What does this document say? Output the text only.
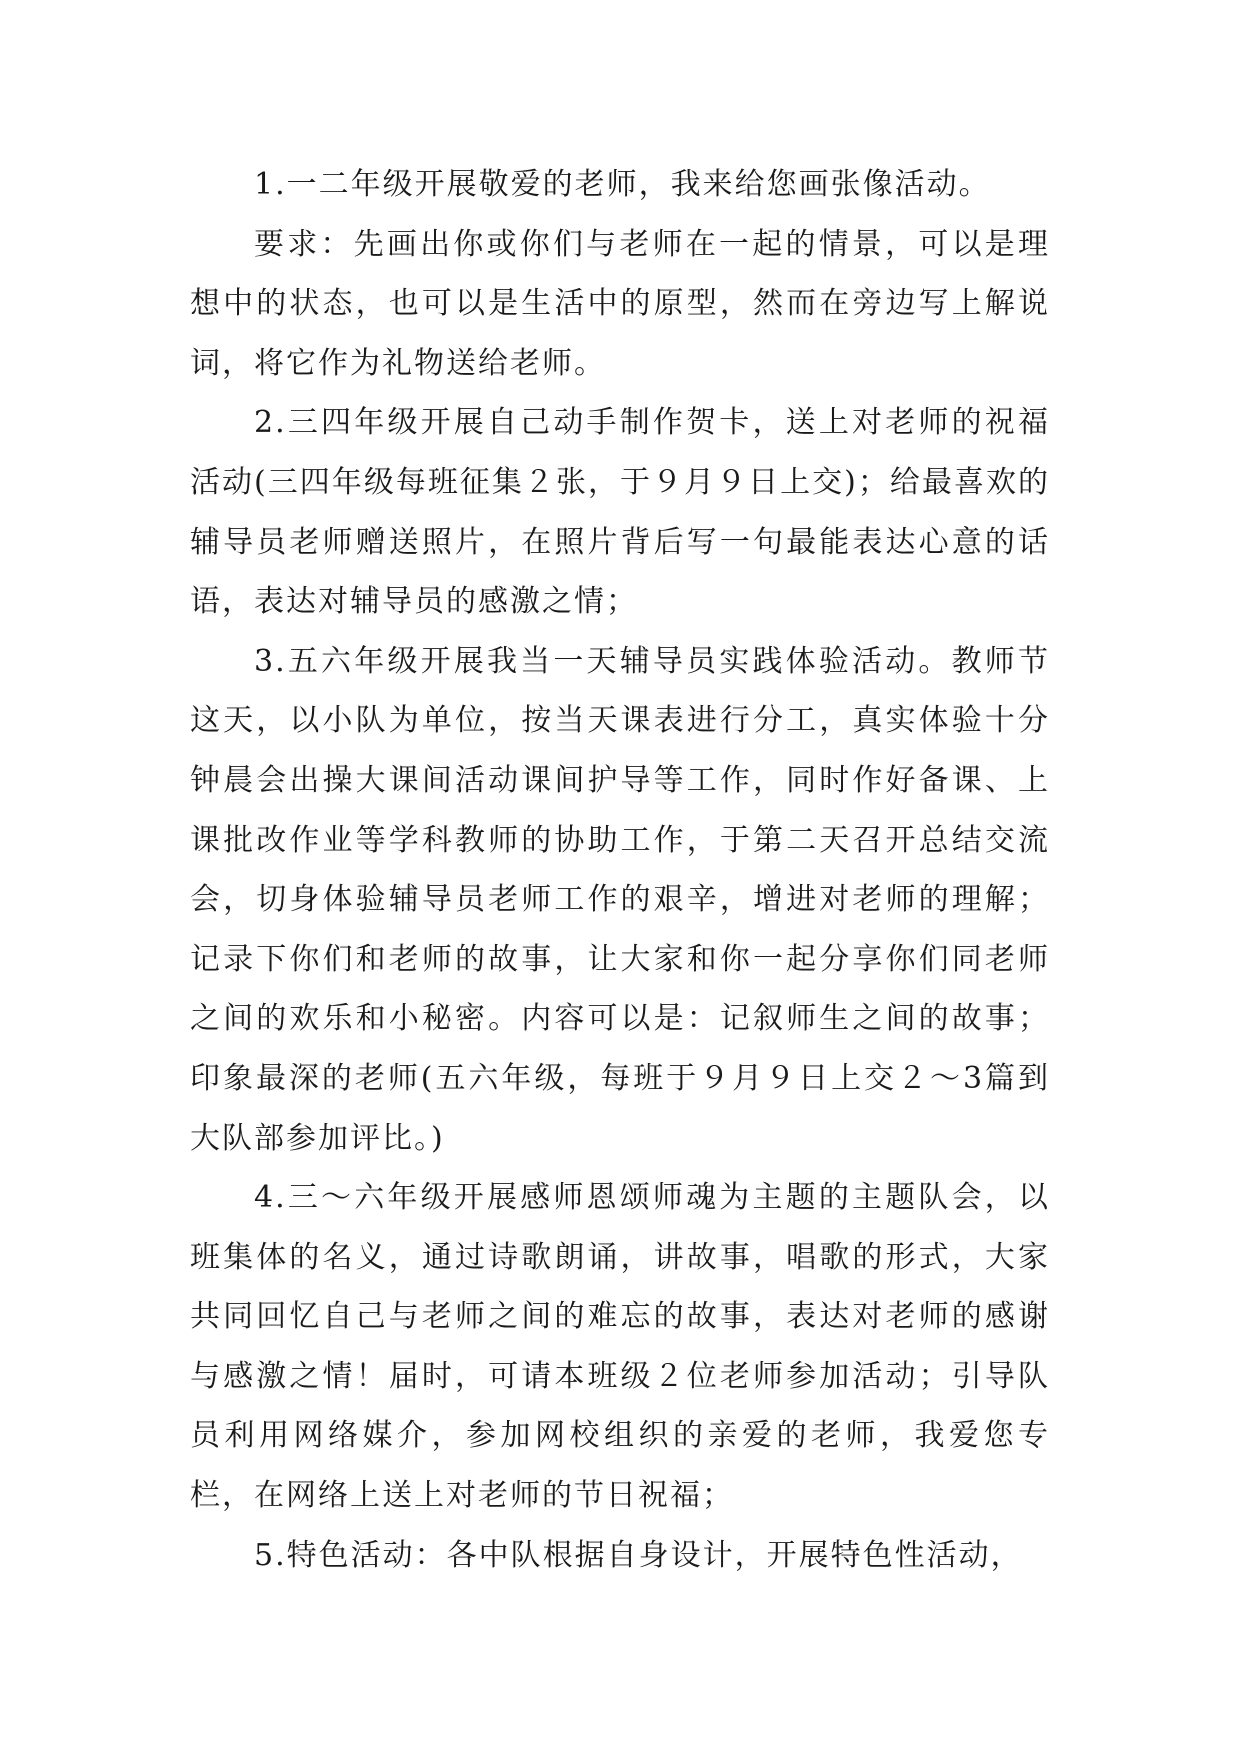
1.一二年级开展敬爱的老师，我来给您画张像活动。

要求：先画出你或你们与老师在一起的情景，可以是理想中的状态，也可以是生活中的原型，然而在旁边写上解说词，将它作为礼物送给老师。

2.三四年级开展自己动手制作贺卡，送上对老师的祝福活动(三四年级每班征集２张，于９月９日上交)；给最喜欢的辅导员老师赠送照片，在照片背后写一句最能表达心意的话语，表达对辅导员的感激之情；

3.五六年级开展我当一天辅导员实践体验活动。教师节这天，以小队为单位，按当天课表进行分工，真实体验十分钟晨会出操大课间活动课间护导等工作，同时作好备课、上课批改作业等学科教师的协助工作，于第二天召开总结交流会，切身体验辅导员老师工作的艰辛，增进对老师的理解；记录下你们和老师的故事，让大家和你一起分享你们同老师之间的欢乐和小秘密。内容可以是：记叙师生之间的故事；印象最深的老师(五六年级，每班于９月９日上交２～3篇到大队部参加评比。)

4.三～六年级开展感师恩颂师魂为主题的主题队会，以班集体的名义，通过诗歌朗诵，讲故事，唱歌的形式，大家共同回忆自己与老师之间的难忘的故事，表达对老师的感谢与感激之情！届时，可请本班级２位老师参加活动；引导队员利用网络媒介，参加网校组织的亲爱的老师，我爱您专栏，在网络上送上对老师的节日祝福；

5.特色活动：各中队根据自身设计，开展特色性活动，
